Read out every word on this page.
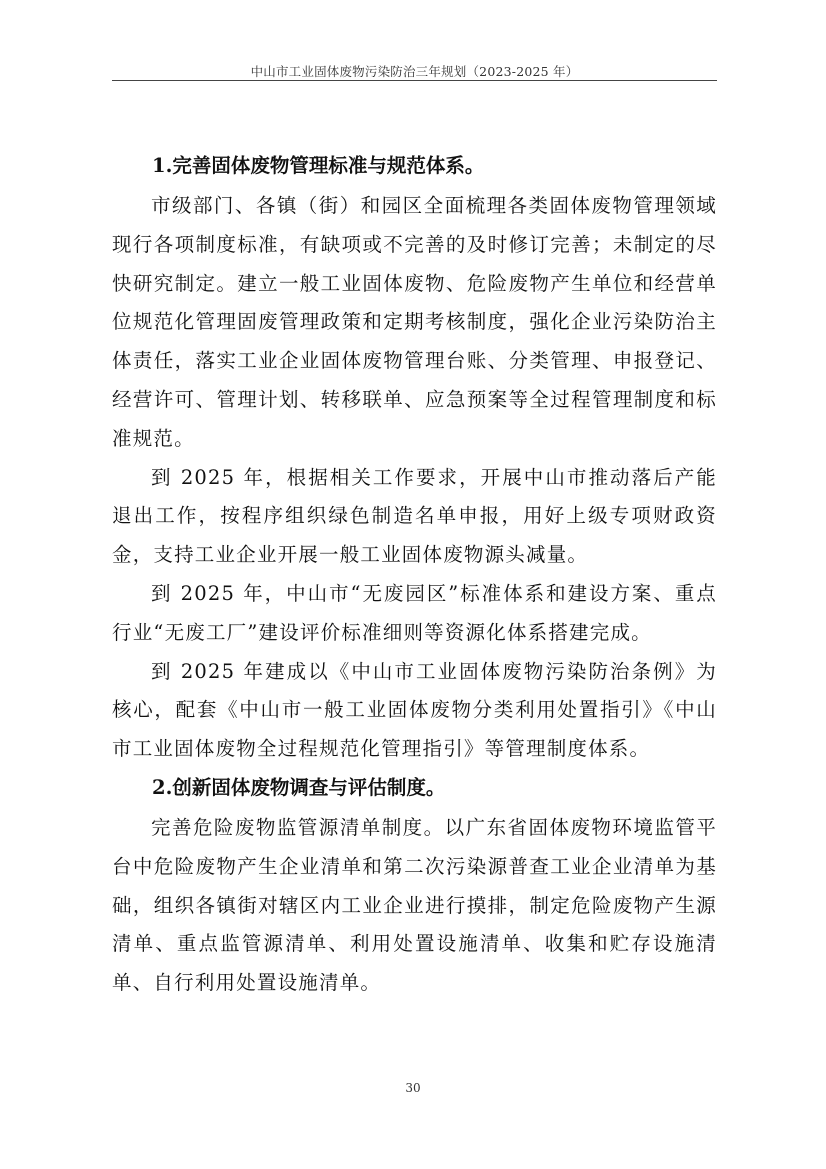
中山市工业固体废物污染防治三年规划（2023-2025 年）
1.完善固体废物管理标准与规范体系。

市级部门、各镇（街）和园区全面梳理各类固体废物管理领域现行各项制度标准，有缺项或不完善的及时修订完善；未制定的尽快研究制定。建立一般工业固体废物、危险废物产生单位和经营单位规范化管理固废管理政策和定期考核制度，强化企业污染防治主体责任，落实工业企业固体废物管理台账、分类管理、申报登记、经营许可、管理计划、转移联单、应急预案等全过程管理制度和标准规范。

到 2025 年，根据相关工作要求，开展中山市推动落后产能退出工作，按程序组织绿色制造名单申报，用好上级专项财政资金，支持工业企业开展一般工业固体废物源头减量。

到 2025 年，中山市“无废园区”标准体系和建设方案、重点行业“无废工厂”建设评价标准细则等资源化体系搭建完成。

到 2025 年建成以《中山市工业固体废物污染防治条例》为核心，配套《中山市一般工业固体废物分类利用处置指引》《中山市工业固体废物全过程规范化管理指引》等管理制度体系。

2.创新固体废物调查与评估制度。

完善危险废物监管源清单制度。以广东省固体废物环境监管平台中危险废物产生企业清单和第二次污染源普查工业企业清单为基础，组织各镇街对辖区内工业企业进行摸排，制定危险废物产生源清单、重点监管源清单、利用处置设施清单、收集和贮存设施清单、自行利用处置设施清单。

30
